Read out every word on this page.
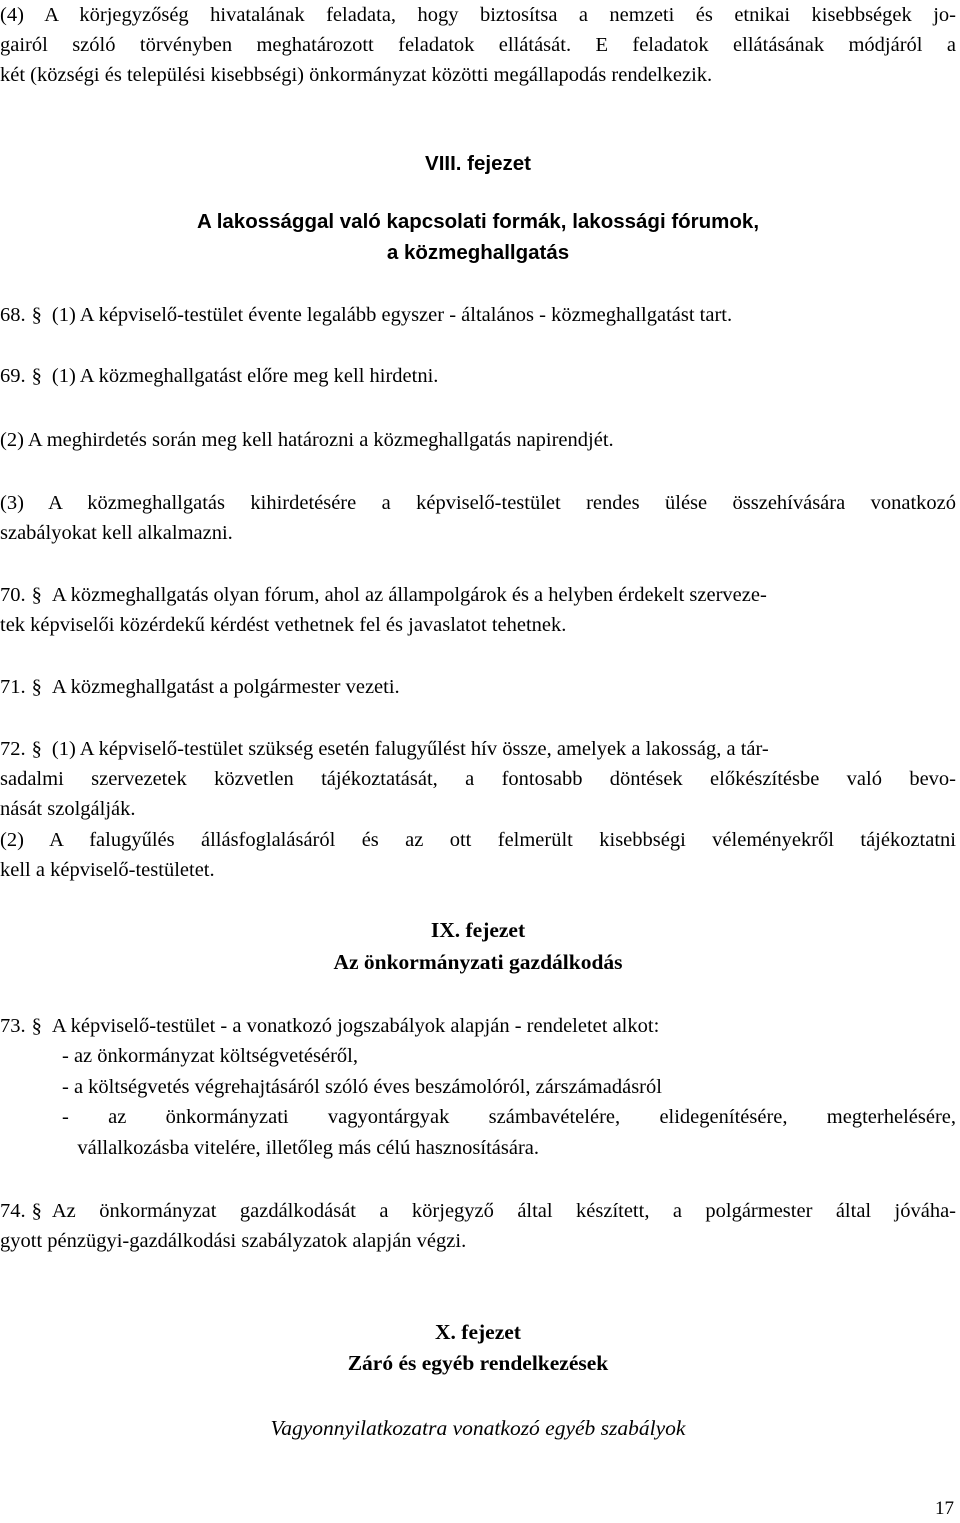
(4) A körjegyzőség hivatalának feladata, hogy biztosítsa a nemzeti és etnikai kisebbségek jo-
gairól szóló törvényben meghatározott feladatok ellátását. E feladatok ellátásának módjáról a
két (községi és települési kisebbségi) önkormányzat közötti megállapodás rendelkezik.
VIII. fejezet
A lakossággal való kapcsolati formák, lakossági fórumok,
a közmeghallgatás
68. § (1) A képviselő-testület évente legalább egyszer - általános - közmeghallgatást tart.
69. § (1) A közmeghallgatást előre meg kell hirdetni.
(2) A meghirdetés során meg kell határozni a közmeghallgatás napirendjét.
(3) A közmeghallgatás kihirdetésére a képviselő-testület rendes ülése összehívására vonatkozó
szabályokat kell alkalmazni.
70. § A közmeghallgatás olyan fórum, ahol az állampolgárok és a helyben érdekelt szerveze-
tek képviselői közérdekű kérdést vethetnek fel és javaslatot tehetnek.
71. § A közmeghallgatást a polgármester vezeti.
72. § (1) A képviselő-testület szükség esetén falugyűlést hív össze, amelyek a lakosság, a tár-
sadalmi szervezetek közvetlen tájékoztatását, a fontosabb döntések előkészítésbe való bevo-
nását szolgálják.
(2) A falugyűlés állásfoglalásáról és az ott felmerült kisebbségi véleményekről tájékoztatni
kell a képviselő-testületet.
IX. fejezet
Az önkormányzati gazdálkodás
73. § A képviselő-testület - a vonatkozó jogszabályok alapján - rendeletet alkot:
- az önkormányzat költségvetéséről,
- a költségvetés végrehajtásáról szóló éves beszámolóról, zárszámadásról
- az önkormányzati vagyontárgyak számbavételére, elidegenítésére, megterhelésére,
vállalkozásba vitelére, illetőleg más célú hasznosítására.
74. § Az önkormányzat gazdálkodását a körjegyző által készített, a polgármester által jóváha-
gyott pénzügyi-gazdálkodási szabályzatok alapján végzi.
X. fejezet
Záró és egyéb rendelkezések
Vagyonnyilatkozatra vonatkozó egyéb szabályok
17
